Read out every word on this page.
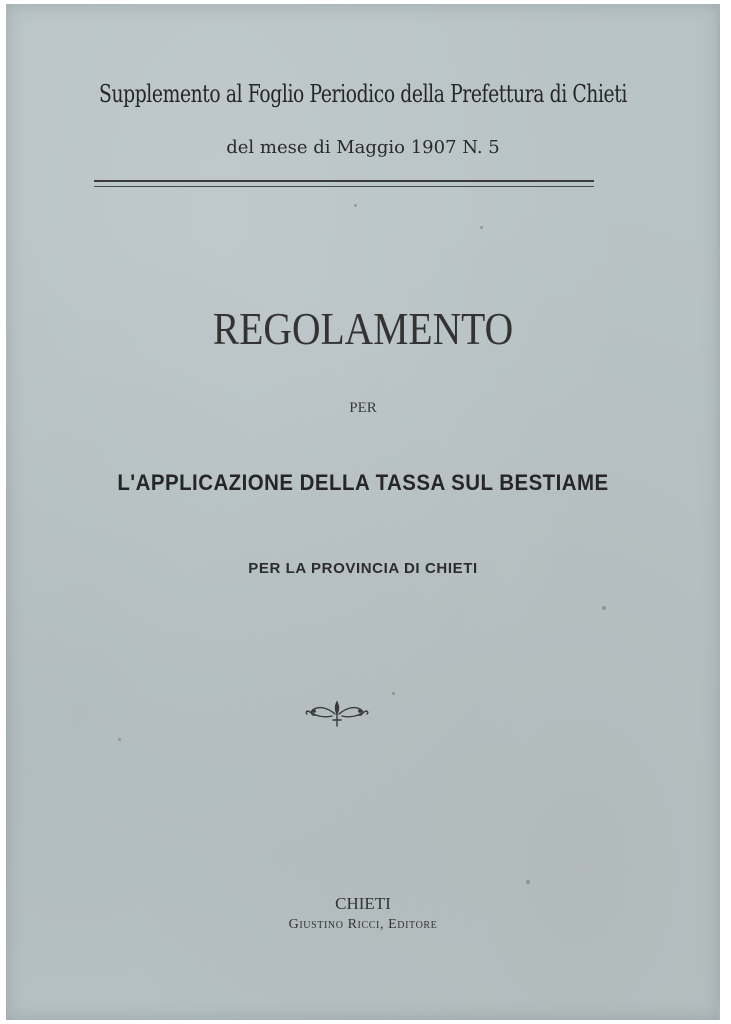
Supplemento al Foglio Periodico della Prefettura di Chieti
del mese di Maggio 1907 N. 5
REGOLAMENTO
PER
L'APPLICAZIONE DELLA TASSA SUL BESTIAME
PER LA PROVINCIA DI CHIETI
CHIETI
Giustino Ricci, Editore
